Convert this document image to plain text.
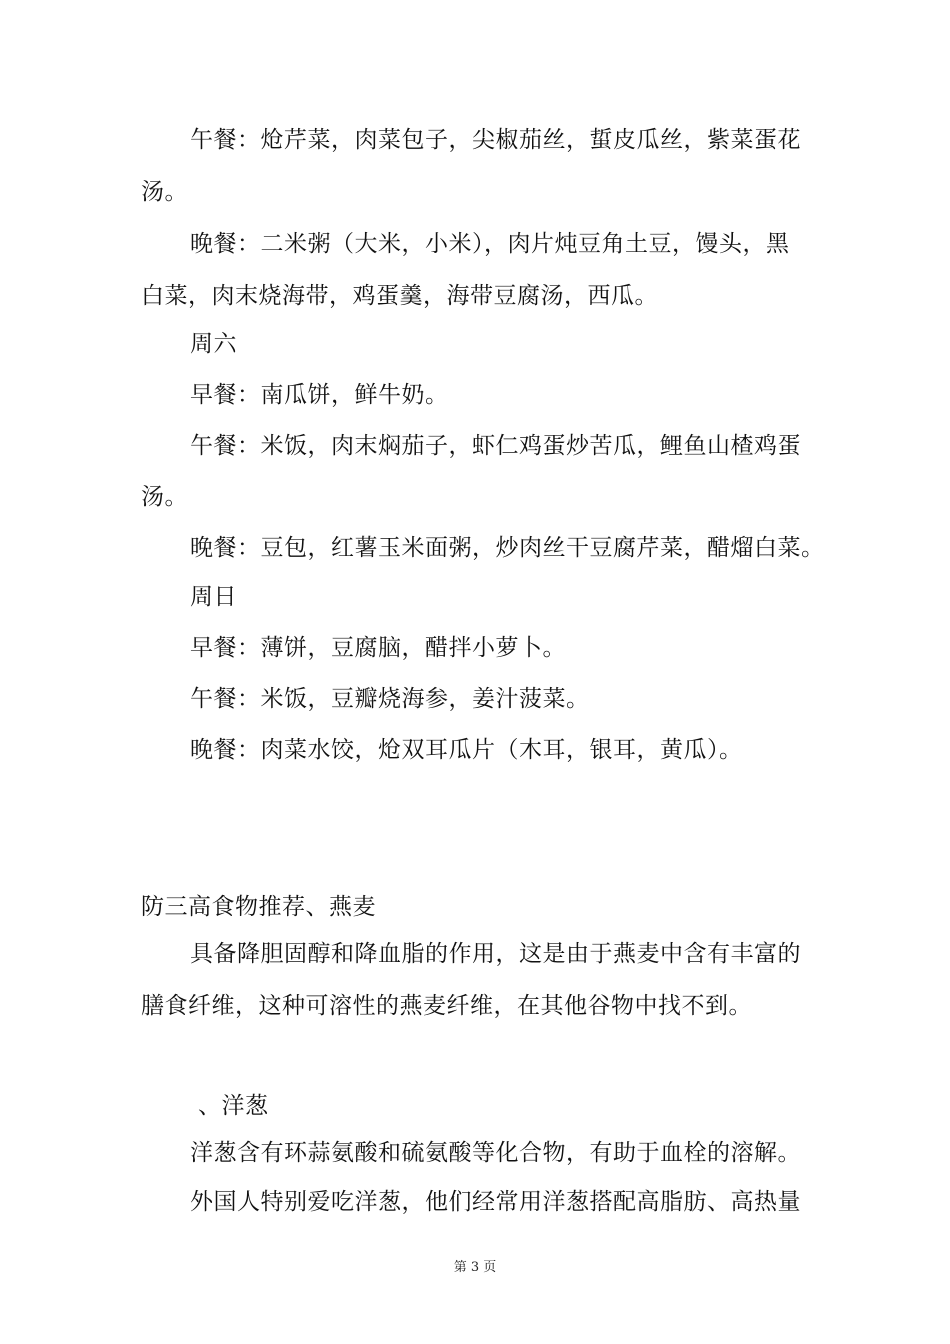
午餐：炝芹菜，肉菜包子，尖椒茄丝，蜇皮瓜丝，紫菜蛋花
汤。
晚餐：二米粥（大米，小米），肉片炖豆角土豆，馒头，黑
白菜，肉末烧海带，鸡蛋羹，海带豆腐汤，西瓜。
周六
早餐：南瓜饼，鲜牛奶。
午餐：米饭，肉末焖茄子，虾仁鸡蛋炒苦瓜，鲤鱼山楂鸡蛋
汤。
晚餐：豆包，红薯玉米面粥，炒肉丝干豆腐芹菜，醋熘白菜。
周日
早餐：薄饼，豆腐脑，醋拌小萝卜。
午餐：米饭，豆瓣烧海参，姜汁菠菜。
晚餐：肉菜水饺，炝双耳瓜片（木耳，银耳，黄瓜）。
防三高食物推荐、燕麦
具备降胆固醇和降血脂的作用，这是由于燕麦中含有丰富的
膳食纤维，这种可溶性的燕麦纤维，在其他谷物中找不到。
、洋葱
洋葱含有环蒜氨酸和硫氨酸等化合物，有助于血栓的溶解。
外国人特别爱吃洋葱，他们经常用洋葱搭配高脂肪、高热量
第 3 页
